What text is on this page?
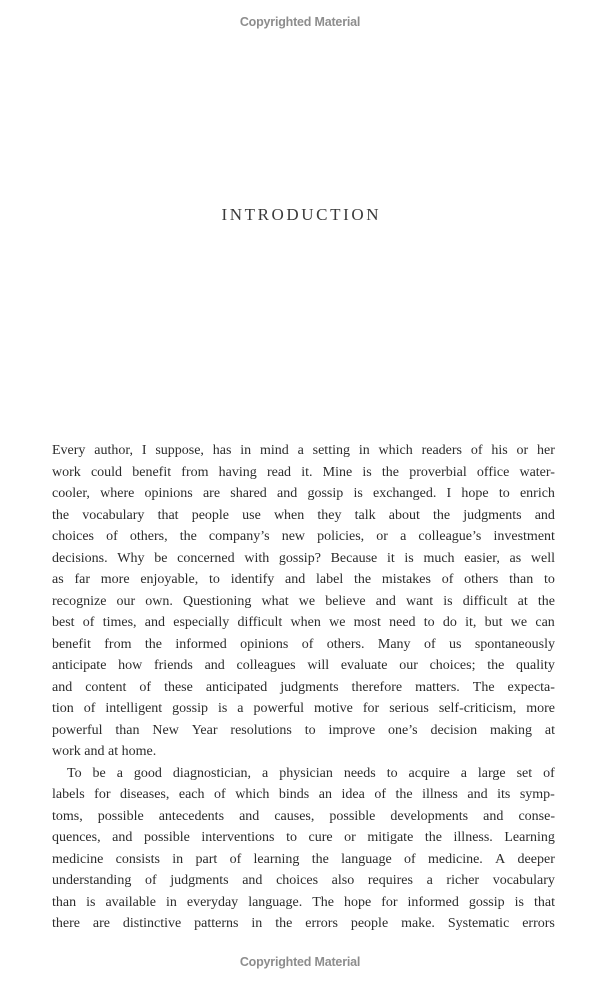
Copyrighted Material
INTRODUCTION
Every author, I suppose, has in mind a setting in which readers of his or her
work could benefit from having read it. Mine is the proverbial office water-
cooler, where opinions are shared and gossip is exchanged. I hope to enrich
the vocabulary that people use when they talk about the judgments and
choices of others, the company’s new policies, or a colleague’s investment
decisions. Why be concerned with gossip? Because it is much easier, as well
as far more enjoyable, to identify and label the mistakes of others than to
recognize our own. Questioning what we believe and want is difficult at the
best of times, and especially difficult when we most need to do it, but we can
benefit from the informed opinions of others. Many of us spontaneously
anticipate how friends and colleagues will evaluate our choices; the quality
and content of these anticipated judgments therefore matters. The expecta-
tion of intelligent gossip is a powerful motive for serious self-criticism, more
powerful than New Year resolutions to improve one’s decision making at
work and at home.
To be a good diagnostician, a physician needs to acquire a large set of
labels for diseases, each of which binds an idea of the illness and its symp-
toms, possible antecedents and causes, possible developments and conse-
quences, and possible interventions to cure or mitigate the illness. Learning
medicine consists in part of learning the language of medicine. A deeper
understanding of judgments and choices also requires a richer vocabulary
than is available in everyday language. The hope for informed gossip is that
there are distinctive patterns in the errors people make. Systematic errors
Copyrighted Material
